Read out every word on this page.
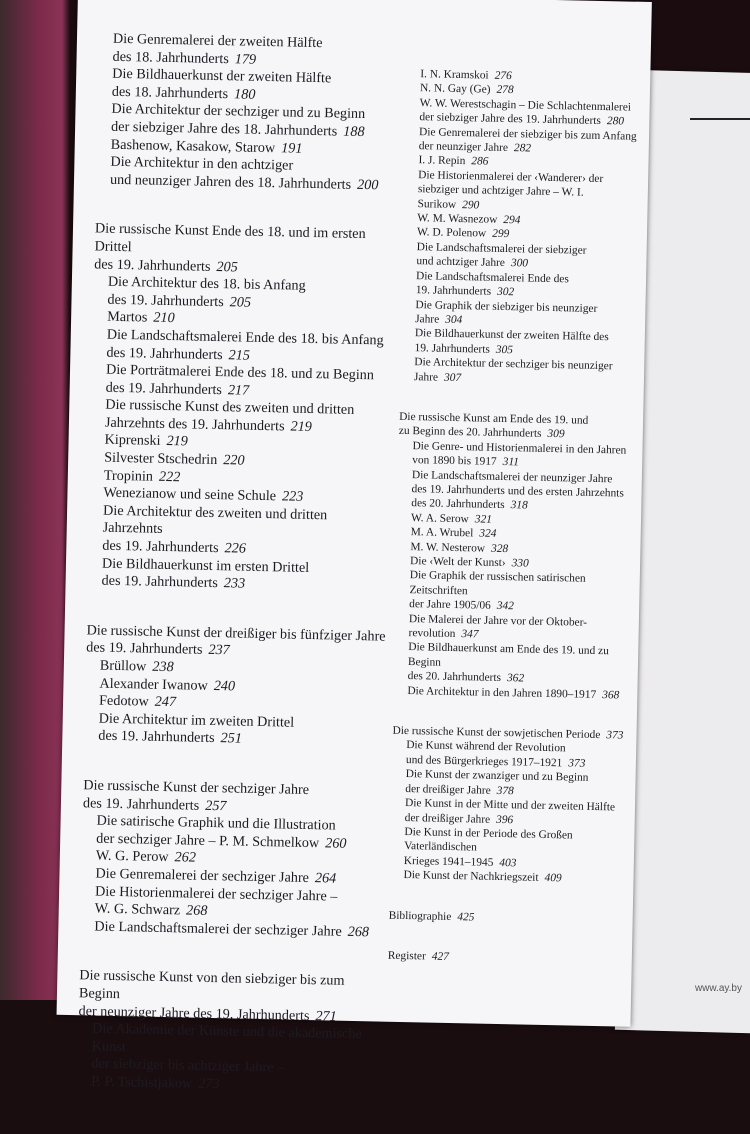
Die Genremalerei der zweiten Hälfte
des 18. Jahrhunderts 179
Die Bildhauerkunst der zweiten Hälfte
des 18. Jahrhunderts 180
Die Architektur der sechziger und zu Beginn
der siebziger Jahre des 18. Jahrhunderts 188
Bashenow, Kasakow, Starow 191
Die Architektur in den achtziger
und neunziger Jahren des 18. Jahrhunderts 200
Die russische Kunst Ende des 18. und im ersten Drittel
des 19. Jahrhunderts 205
Die Architektur des 18. bis Anfang
des 19. Jahrhunderts 205
Martos 210
Die Landschaftsmalerei Ende des 18. bis Anfang
des 19. Jahrhunderts 215
Die Porträtmalerei Ende des 18. und zu Beginn
des 19. Jahrhunderts 217
Die russische Kunst des zweiten und dritten
Jahrzehnts des 19. Jahrhunderts 219
Kiprenski 219
Silvester Stschedrin 220
Tropinin 222
Wenezianow und seine Schule 223
Die Architektur des zweiten und dritten Jahrzehnts
des 19. Jahrhunderts 226
Die Bildhauerkunst im ersten Drittel
des 19. Jahrhunderts 233
Die russische Kunst der dreißiger bis fünfziger Jahre
des 19. Jahrhunderts 237
Brüllow 238
Alexander Iwanow 240
Fedotow 247
Die Architektur im zweiten Drittel
des 19. Jahrhunderts 251
Die russische Kunst der sechziger Jahre
des 19. Jahrhunderts 257
Die satirische Graphik und die Illustration
der sechziger Jahre – P. M. Schmelkow 260
W. G. Perow 262
Die Genremalerei der sechziger Jahre 264
Die Historienmalerei der sechziger Jahre –
W. G. Schwarz 268
Die Landschaftsmalerei der sechziger Jahre 268
Die russische Kunst von den siebziger bis zum Beginn
der neunziger Jahre des 19. Jahrhunderts 271
Die Akademie der Künste und die akademische Kunst
der siebziger bis achtziger Jahre –
P. P. Tschistjakow 273
I. N. Kramskoi 276
N. N. Gay (Ge) 278
W. W. Werestschagin – Die Schlachtenmalerei
der siebziger Jahre des 19. Jahrhunderts 280
Die Genremalerei der siebziger bis zum Anfang
der neunziger Jahre 282
I. J. Repin 286
Die Historienmalerei der ‹Wanderer› der
siebziger und achtziger Jahre – W. I. Surikow 290
W. M. Wasnezow 294
W. D. Polenow 299
Die Landschaftsmalerei der siebziger
und achtziger Jahre 300
Die Landschaftsmalerei Ende des
19. Jahrhunderts 302
Die Graphik der siebziger bis neunziger Jahre 304
Die Bildhauerkunst der zweiten Hälfte des
19. Jahrhunderts 305
Die Architektur der sechziger bis neunziger
Jahre 307
Die russische Kunst am Ende des 19. und
zu Beginn des 20. Jahrhunderts 309
Die Genre- und Historienmalerei in den Jahren
von 1890 bis 1917 311
Die Landschaftsmalerei der neunziger Jahre
des 19. Jahrhunderts und des ersten Jahrzehnts
des 20. Jahrhunderts 318
W. A. Serow 321
M. A. Wrubel 324
M. W. Nesterow 328
Die ‹Welt der Kunst› 330
Die Graphik der russischen satirischen Zeitschriften
der Jahre 1905/06 342
Die Malerei der Jahre vor der Oktober-
revolution 347
Die Bildhauerkunst am Ende des 19. und zu Beginn
des 20. Jahrhunderts 362
Die Architektur in den Jahren 1890–1917 368
Die russische Kunst der sowjetischen Periode 373
Die Kunst während der Revolution
und des Bürgerkrieges 1917–1921 373
Die Kunst der zwanziger und zu Beginn
der dreißiger Jahre 378
Die Kunst in der Mitte und der zweiten Hälfte
der dreißiger Jahre 396
Die Kunst in der Periode des Großen Vaterländischen
Krieges 1941–1945 403
Die Kunst der Nachkriegszeit 409
Bibliographie 425
Register 427
www.ay.by
